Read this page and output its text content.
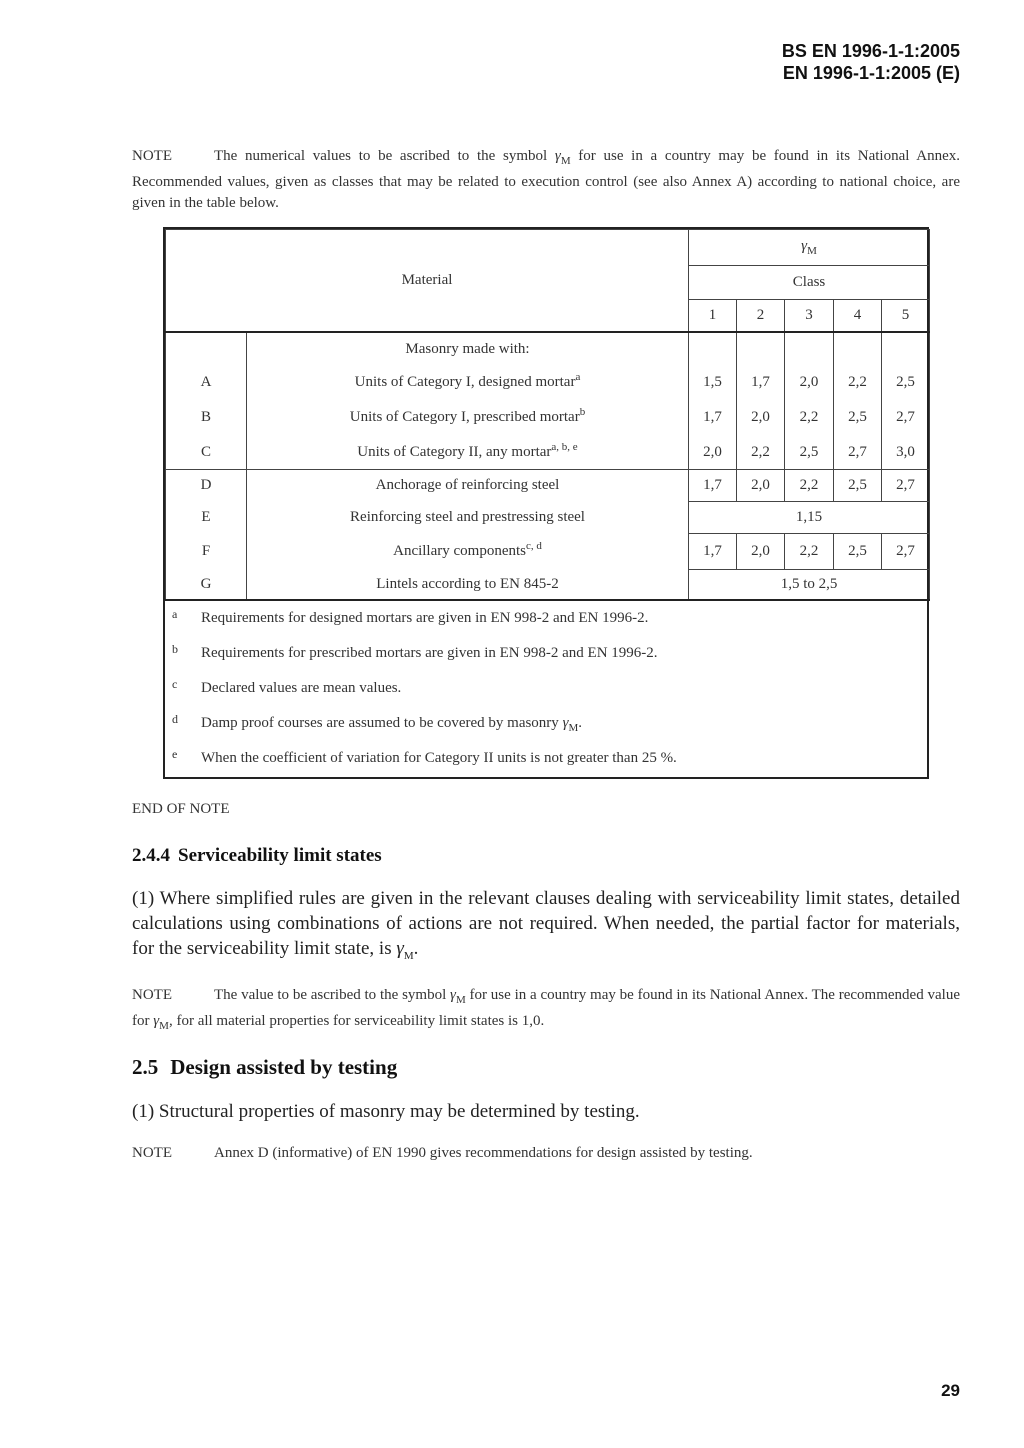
BS EN 1996-1-1:2005
EN 1996-1-1:2005 (E)
NOTE	The numerical values to be ascribed to the symbol $\gamma_M$ for use in a country may be found in its National Annex. Recommended values, given as classes that may be related to execution control (see also Annex A) according to national choice, are given in the table below.
Material		$\gamma_M$
		Class				
		1	2	3	4	5
	Masonry made with:					
A	Units of Category I, designed mortar$^a$	1,5	1,7	2,0	2,2	2,5
B	Units of Category I, prescribed mortar$^b$	1,7	2,0	2,2	2,5	2,7
C	Units of Category II, any mortar$^{a, b, e}$	2,0	2,2	2,5	2,7	3,0
D	Anchorage of reinforcing steel	1,7	2,0	2,2	2,5	2,7
E	Reinforcing steel and prestressing steel	1,15				
F	Ancillary components$^{c, d}$	1,7	2,0	2,2	2,5	2,7
G	Lintels according to EN 845-2	1,5 to 2,5				
a Requirements for designed mortars are given in EN 998-2 and EN 1996-2.
b Requirements for prescribed mortars are given in EN 998-2 and EN 1996-2.
c Declared values are mean values.
d Damp proof courses are assumed to be covered by masonry $\gamma_M$.
e When the coefficient of variation for Category II units is not greater than 25 %.
END OF NOTE
2.4.4 Serviceability limit states
(1) Where simplified rules are given in the relevant clauses dealing with serviceability limit states, detailed calculations using combinations of actions are not required. When needed, the partial factor for materials, for the serviceability limit state, is $\gamma_M$.
NOTE	The value to be ascribed to the symbol $\gamma_M$ for use in a country may be found in its National Annex. The recommended value for $\gamma_M$, for all material properties for serviceability limit states is 1,0.
2.5 Design assisted by testing
(1) Structural properties of masonry may be determined by testing.
NOTE	Annex D (informative) of EN 1990 gives recommendations for design assisted by testing.
29
